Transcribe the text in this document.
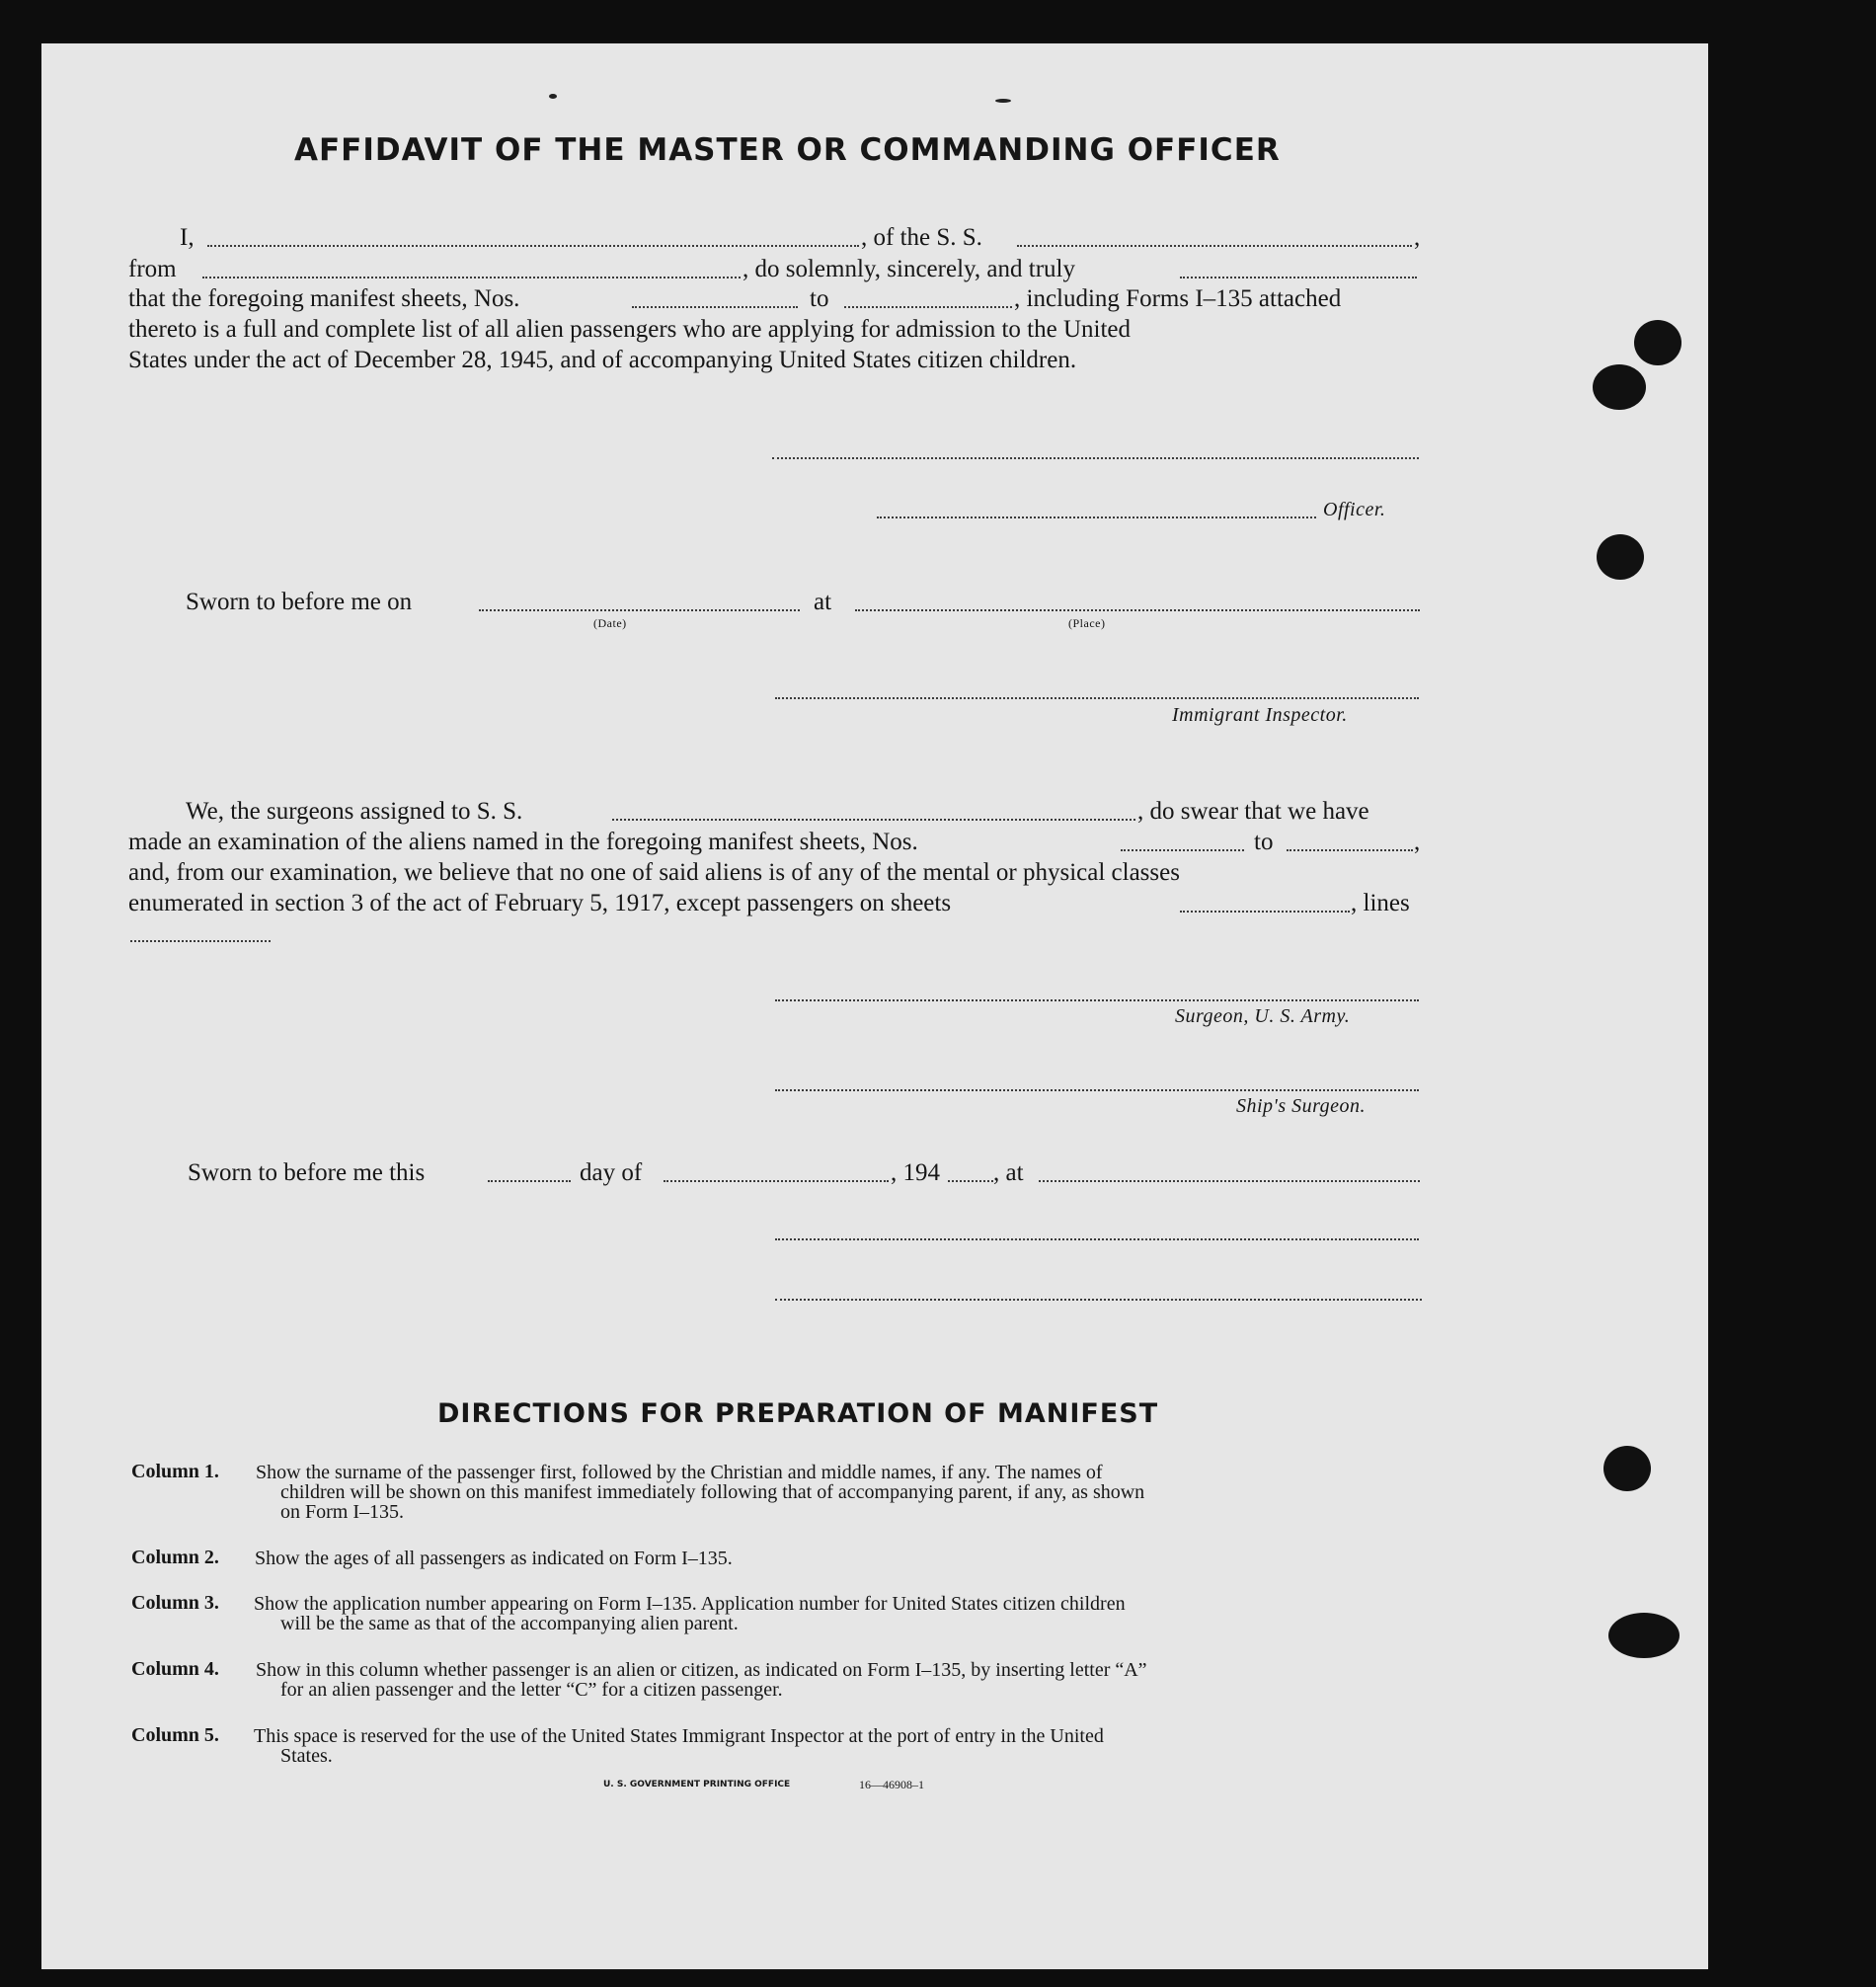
AFFIDAVIT OF THE MASTER OR COMMANDING OFFICER
I,	, of the S. S.	,
from	, do solemnly, sincerely, and truly
that the foregoing manifest sheets, Nos.	to	, including Forms I–135 attached
thereto is a full and complete list of all alien passengers who are applying for admission to the United
States under the act of December 28, 1945, and of accompanying United States citizen children.
Officer.
Sworn to before me on
(Date)
at
(Place)
Immigrant Inspector.
We, the surgeons assigned to S. S.	, do swear that we have
made an examination of the aliens named in the foregoing manifest sheets, Nos.	to	,
and, from our examination, we believe that no one of said aliens is of any of the mental or physical classes
enumerated in section 3 of the act of February 5, 1917, except passengers on sheets	, lines
Surgeon, U. S. Army.
Ship's Surgeon.
Sworn to before me this	day of	, 194 , at
DIRECTIONS FOR PREPARATION OF MANIFEST
Column 1. Show the surname of the passenger first, followed by the Christian and middle names, if any. The names of
children will be shown on this manifest immediately following that of accompanying parent, if any, as shown
on Form I–135.
Column 2. Show the ages of all passengers as indicated on Form I–135.
Column 3. Show the application number appearing on Form I–135. Application number for United States citizen children
will be the same as that of the accompanying alien parent.
Column 4. Show in this column whether passenger is an alien or citizen, as indicated on Form I–135, by inserting letter “A”
for an alien passenger and the letter “C” for a citizen passenger.
Column 5. This space is reserved for the use of the United States Immigrant Inspector at the port of entry in the United
States.
U. S. GOVERNMENT PRINTING OFFICE	16—46908–1
